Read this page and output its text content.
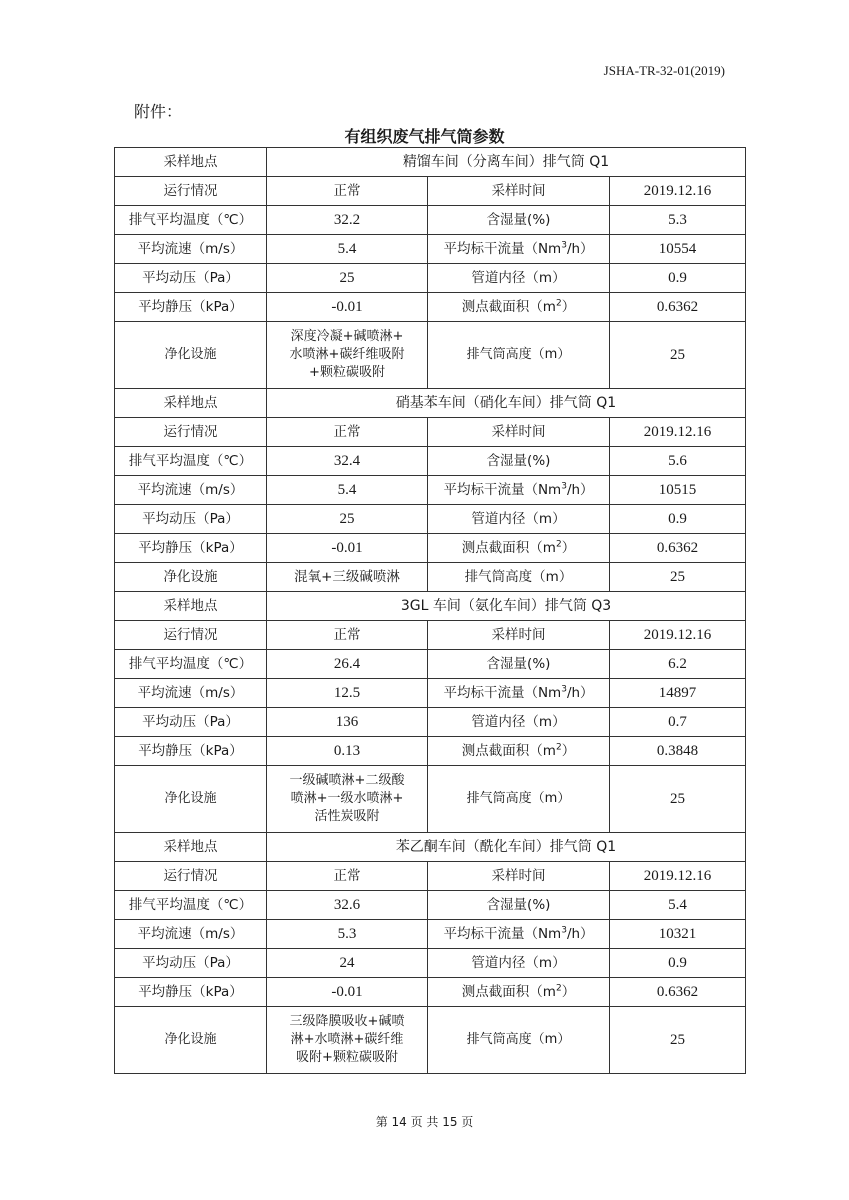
JSHA-TR-32-01(2019)
附件：
有组织废气排气筒参数
采样地点	精馏车间（分离车间）排气筒 Q1		
运行情况	正常	采样时间	2019.12.16
排气平均温度（℃）	32.2	含湿量(%)	5.3
平均流速（m/s）	5.4	平均标干流量（Nm$^3$/h）	10554
平均动压（Pa）	25	管道内径（m）	0.9
平均静压（kPa）	-0.01	测点截面积$(m^2)$	0.6362
净化设施	深度冷凝+碱喷淋+
水喷淋+碳纤维吸附
+颗粒碳吸附	排气筒高度（m）	25
采样地点	硝基苯车间（硝化车间）排气筒 Q1		
运行情况	正常	采样时间	2019.12.16
排气平均温度（℃）	32.4	含湿量(%)	5.6
平均流速（m/s）	5.4	平均标干流量（Nm$^3$/h）	10515
平均动压（Pa）	25	管道内径（m）	0.9
平均静压（kPa）	-0.01	测点截面积$(m^2)$	0.6362
净化设施	混氧+三级碱喷淋	排气筒高度（m）	25
采样地点	3GL 车间（氨化车间）排气筒 Q3		
运行情况	正常	采样时间	2019.12.16
排气平均温度（℃）	26.4	含湿量(%)	6.2
平均流速（m/s）	12.5	平均标干流量（Nm$^3$/h）	14897
平均动压（Pa）	136	管道内径（m）	0.7
平均静压（kPa）	0.13	测点截面积$(m^2)$	0.3848
净化设施	一级碱喷淋+二级酸
喷淋+一级水喷淋+
活性炭吸附	排气筒高度（m）	25
采样地点	苯乙酮车间（酰化车间）排气筒 Q1		
运行情况	正常	采样时间	2019.12.16
排气平均温度（℃）	32.6	含湿量(%)	5.4
平均流速（m/s）	5.3	平均标干流量（Nm$^3$/h）	10321
平均动压（Pa）	24	管道内径（m）	0.9
平均静压（kPa）	-0.01	测点截面积$(m^2)$	0.6362
净化设施	三级降膜吸收+碱喷
淋+水喷淋+碳纤维
吸附+颗粒碳吸附	排气筒高度（m）	25
第 14 页 共 15 页
